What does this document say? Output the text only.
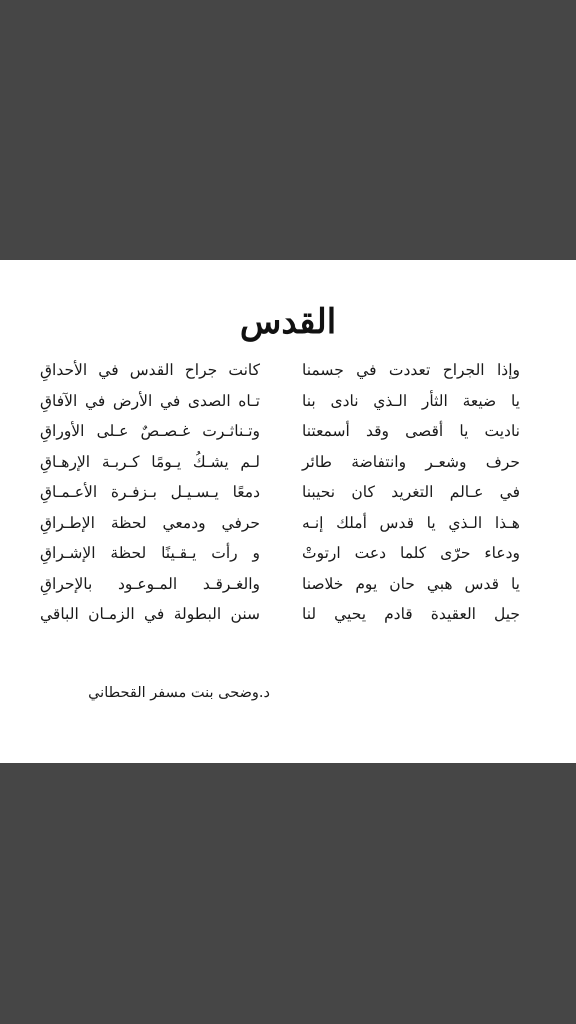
القدس
وإذا الجراح تعددت في جسمنا
يا ضيعة الثأر الـذي نادى بنا
ناديت يا أقصى وقد أسمعتنا
حرف وشعـر وانتفاضة طائر
في عـالم التغريد كان نحيبنا
هـذا الـذي يا قدس أملك إنـه
ودعاء حرّى كلما دعت ارتوتْ
يا قدس هبي حان يوم خلاصنا
جيل العقيدة قادم يحيي لنا
كانت جراح القدس في الأحداقِ
تـاه الصدى في الأرض في الآفاقِ
وتـناثـرت غـصـصٌ عـلى الأوراقِ
لـم يشـكُ يـومًا كـربـة الإرهـاقِ
دمعًا يـسـيـل بـزفـرة الأعـمـاقِ
حرفي ودمعي لحظة الإطـراقِ
و رأت يـقـينًا لحظة الإشـراقِ
والغـرقـد المـوعـود بالإحراقِ
سنن البطولة في الزمـان الباقي
د.وضحى بنت مسفر القحطاني
